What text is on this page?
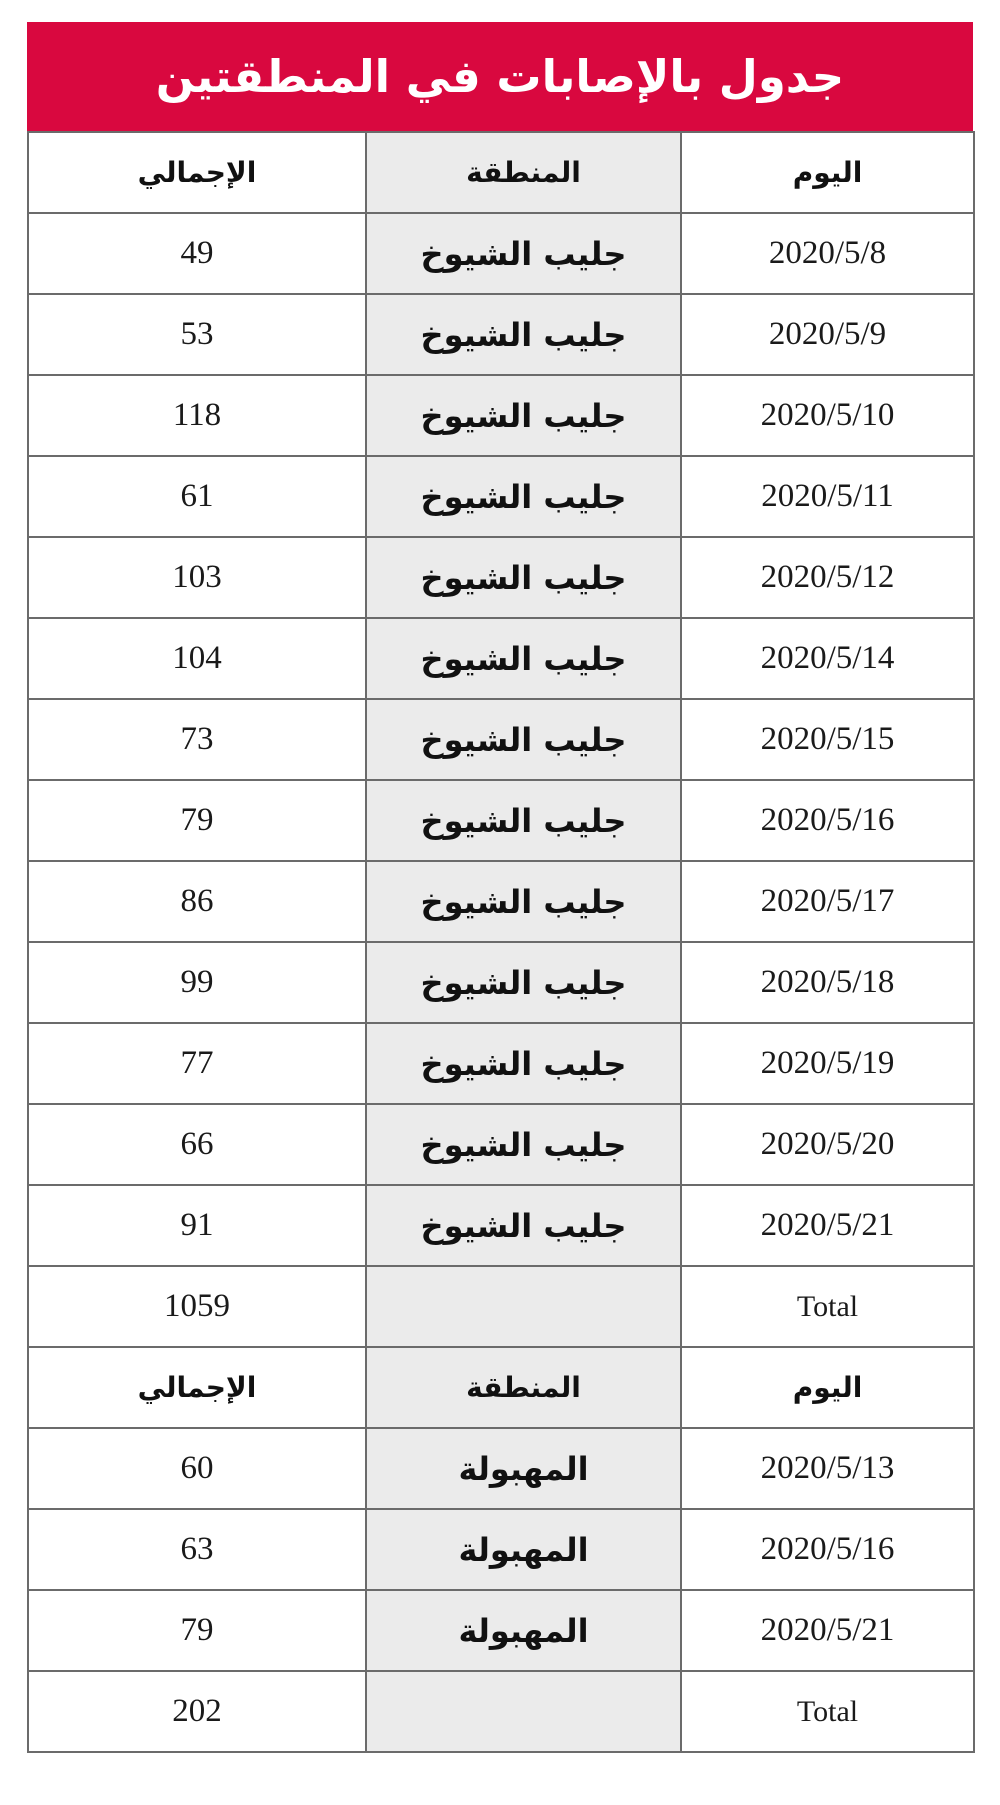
جدول بالإصابات في المنطقتين
الإجمالي	المنطقة	اليوم
49	جليب الشيوخ	2020/5/8
53	جليب الشيوخ	2020/5/9
118	جليب الشيوخ	2020/5/10
61	جليب الشيوخ	2020/5/11
103	جليب الشيوخ	2020/5/12
104	جليب الشيوخ	2020/5/14
73	جليب الشيوخ	2020/5/15
79	جليب الشيوخ	2020/5/16
86	جليب الشيوخ	2020/5/17
99	جليب الشيوخ	2020/5/18
77	جليب الشيوخ	2020/5/19
66	جليب الشيوخ	2020/5/20
91	جليب الشيوخ	2020/5/21
1059		Total
الإجمالي	المنطقة	اليوم
60	المهبولة	2020/5/13
63	المهبولة	2020/5/16
79	المهبولة	2020/5/21
202		Total
